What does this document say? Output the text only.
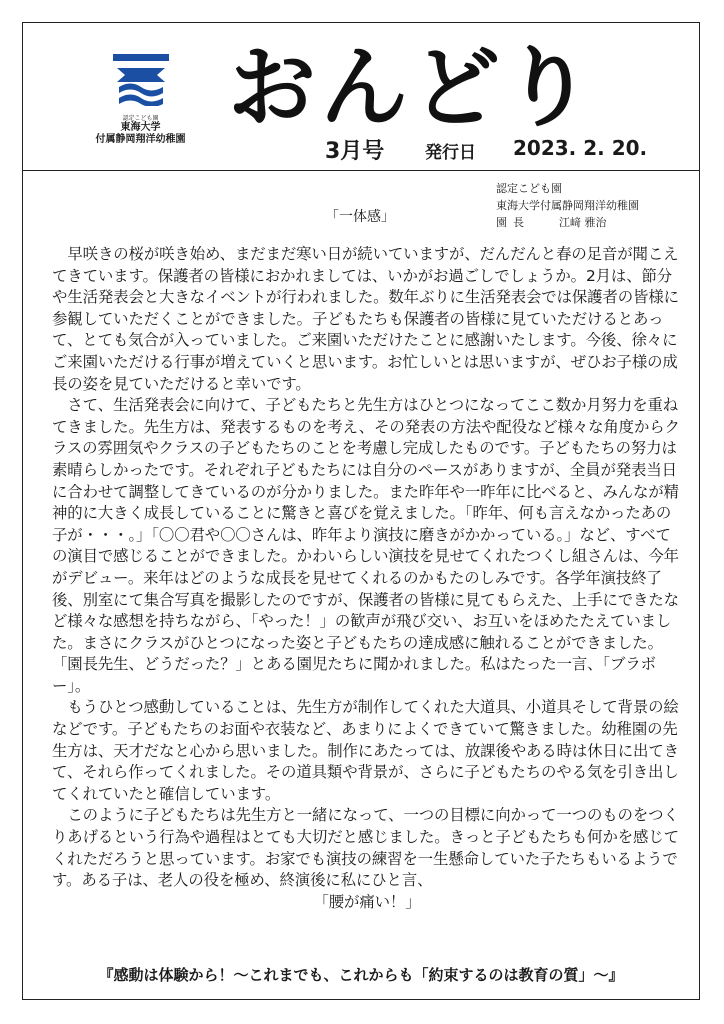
認定こども園
東海大学
付属静岡翔洋幼稚園
おんどり
3月号 発行日 2023. 2. 20.
認定こども園
東海大学付属静岡翔洋幼稚園
園長	江﨑 雅治
「一体感」

早咲きの桜が咲き始め、まだまだ寒い日が続いていますが、だんだんと春の足音が聞こえてきています。保護者の皆様におかれましては、いかがお過ごしでしょうか。2月は、節分や生活発表会と大きなイベントが行われました。数年ぶりに生活発表会では保護者の皆様に参観していただくことができました。子どもたちも保護者の皆様に見ていただけるとあって、とても気合が入っていました。ご来園いただけたことに感謝いたします。今後、徐々にご来園いただける行事が増えていくと思います。お忙しいとは思いますが、ぜひお子様の成長の姿を見ていただけると幸いです。

さて、生活発表会に向けて、子どもたちと先生方はひとつになってここ数か月努力を重ねてきました。先生方は、発表するものを考え、その発表の方法や配役など様々な角度からクラスの雰囲気やクラスの子どもたちのことを考慮し完成したものです。子どもたちの努力は素晴らしかったです。それぞれ子どもたちには自分のペースがありますが、全員が発表当日に合わせて調整してきているのが分かりました。また昨年や一昨年に比べると、みんなが精神的に大きく成長していることに驚きと喜びを覚えました。「昨年、何も言えなかったあの子が・・・。」「〇〇君や〇〇さんは、昨年より演技に磨きがかかっている。」など、すべての演目で感じることができました。かわいらしい演技を見せてくれたつくし組さんは、今年がデビュー。来年はどのような成長を見せてくれるのかもたのしみです。各学年演技終了後、別室にて集合写真を撮影したのですが、保護者の皆様に見てもらえた、上手にできたなど様々な感想を持ちながら、「やった！」の歓声が飛び交い、お互いをほめたたえていました。まさにクラスがひとつになった姿と子どもたちの達成感に触れることができました。「園長先生、どうだった？」とある園児たちに聞かれました。私はたった一言、「ブラボー」。

もうひとつ感動していることは、先生方が制作してくれた大道具、小道具そして背景の絵などです。子どもたちのお面や衣装など、あまりによくできていて驚きました。幼稚園の先生方は、天才だなと心から思いました。制作にあたっては、放課後やある時は休日に出てきて、それら作ってくれました。その道具類や背景が、さらに子どもたちのやる気を引き出してくれていたと確信しています。

このように子どもたちは先生方と一緒になって、一つの目標に向かって一つのものをつくりあげるという行為や過程はとても大切だと感じました。きっと子どもたちも何かを感じてくれただろうと思っています。お家でも演技の練習を一生懸命していた子たちもいるようです。ある子は、老人の役を極め、終演後に私にひと言、

「腰が痛い！」

『感動は体験から！～これまでも、これからも「約束するのは教育の質」～』
